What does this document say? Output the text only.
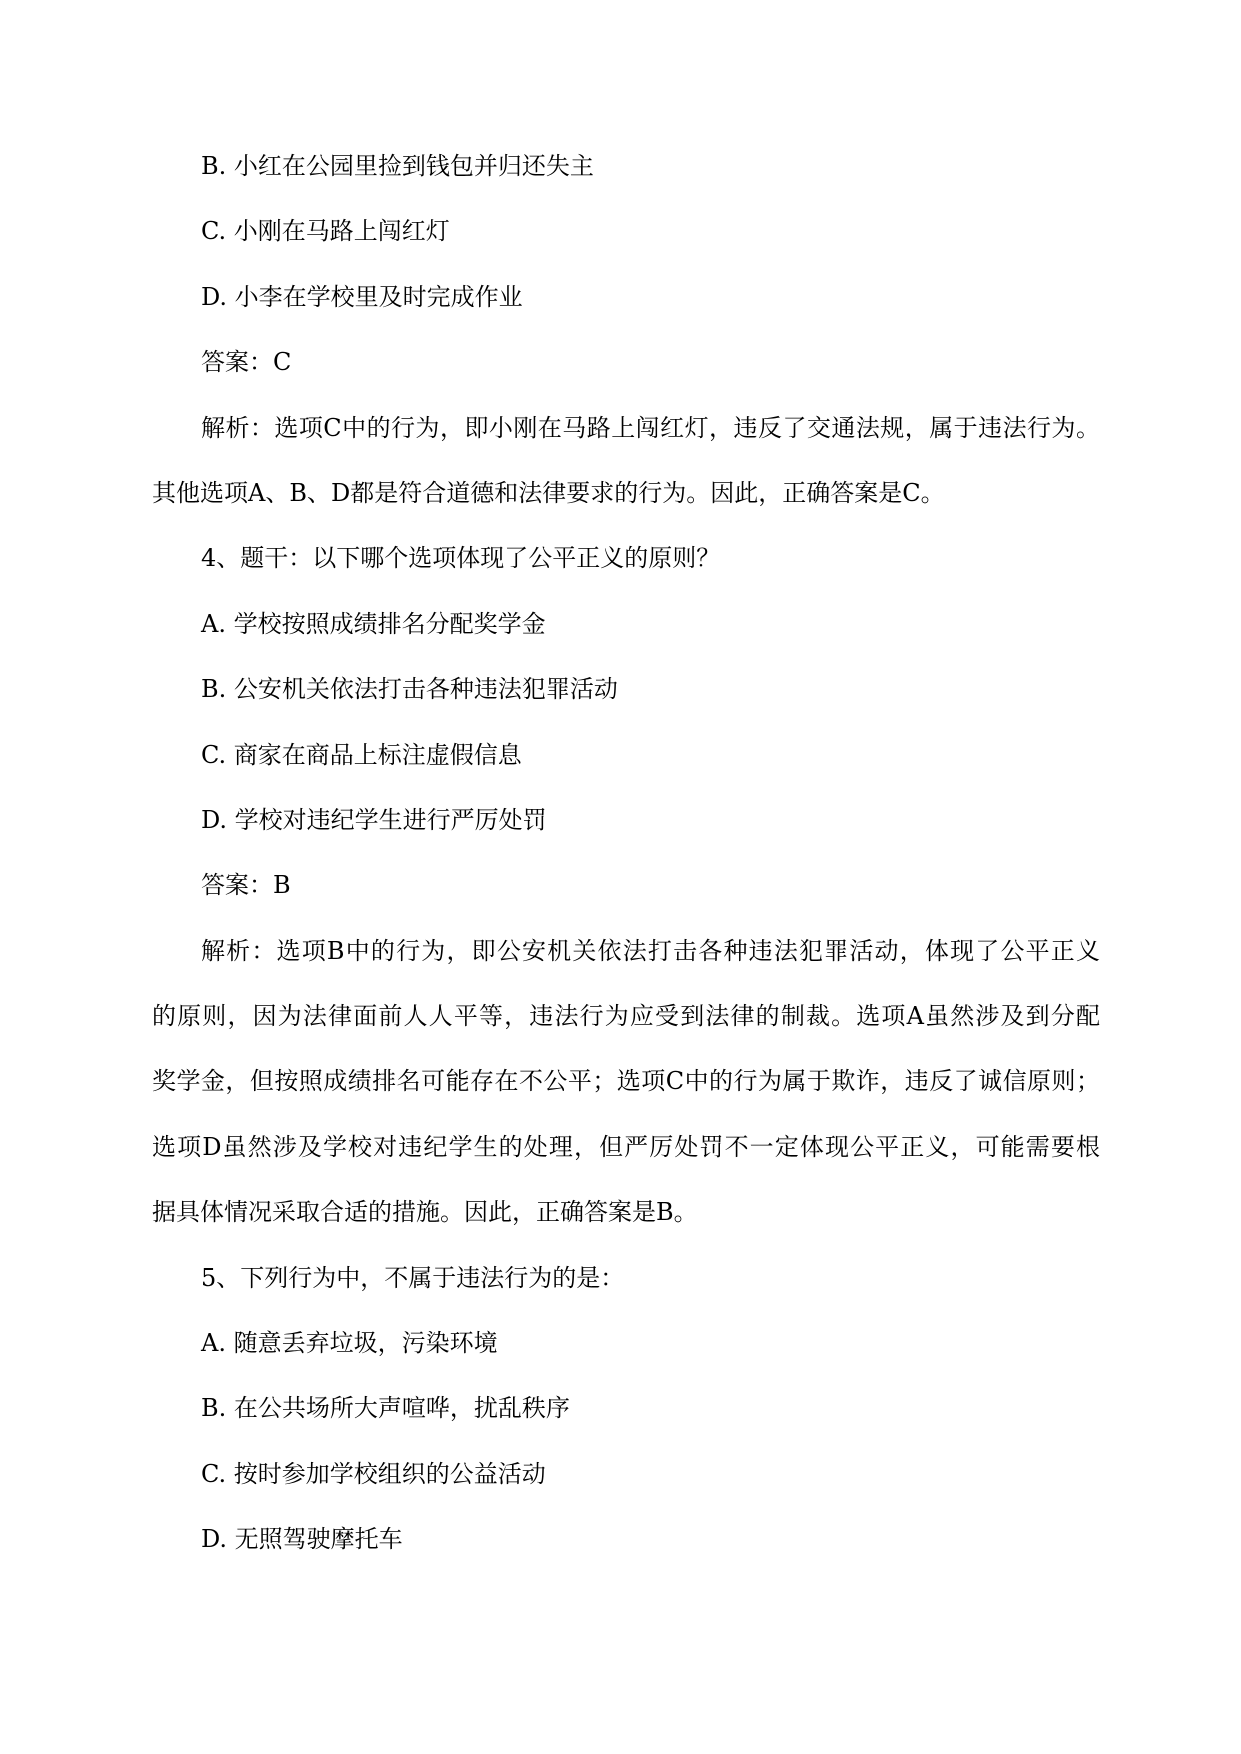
B. 小红在公园里捡到钱包并归还失主
C. 小刚在马路上闯红灯
D. 小李在学校里及时完成作业
答案：C
解析：选项C中的行为，即小刚在马路上闯红灯，违反了交通法规，属于违法行为。
其他选项A、B、D都是符合道德和法律要求的行为。因此，正确答案是C。
4、题干：以下哪个选项体现了公平正义的原则？
A. 学校按照成绩排名分配奖学金
B. 公安机关依法打击各种违法犯罪活动
C. 商家在商品上标注虚假信息
D. 学校对违纪学生进行严厉处罚
答案：B
解析：选项B中的行为，即公安机关依法打击各种违法犯罪活动，体现了公平正义
的原则，因为法律面前人人平等，违法行为应受到法律的制裁。选项A虽然涉及到分配
奖学金，但按照成绩排名可能存在不公平；选项C中的行为属于欺诈，违反了诚信原则；
选项D虽然涉及学校对违纪学生的处理，但严厉处罚不一定体现公平正义，可能需要根
据具体情况采取合适的措施。因此，正确答案是B。
5、下列行为中，不属于违法行为的是：
A. 随意丢弃垃圾，污染环境
B. 在公共场所大声喧哗，扰乱秩序
C. 按时参加学校组织的公益活动
D. 无照驾驶摩托车
